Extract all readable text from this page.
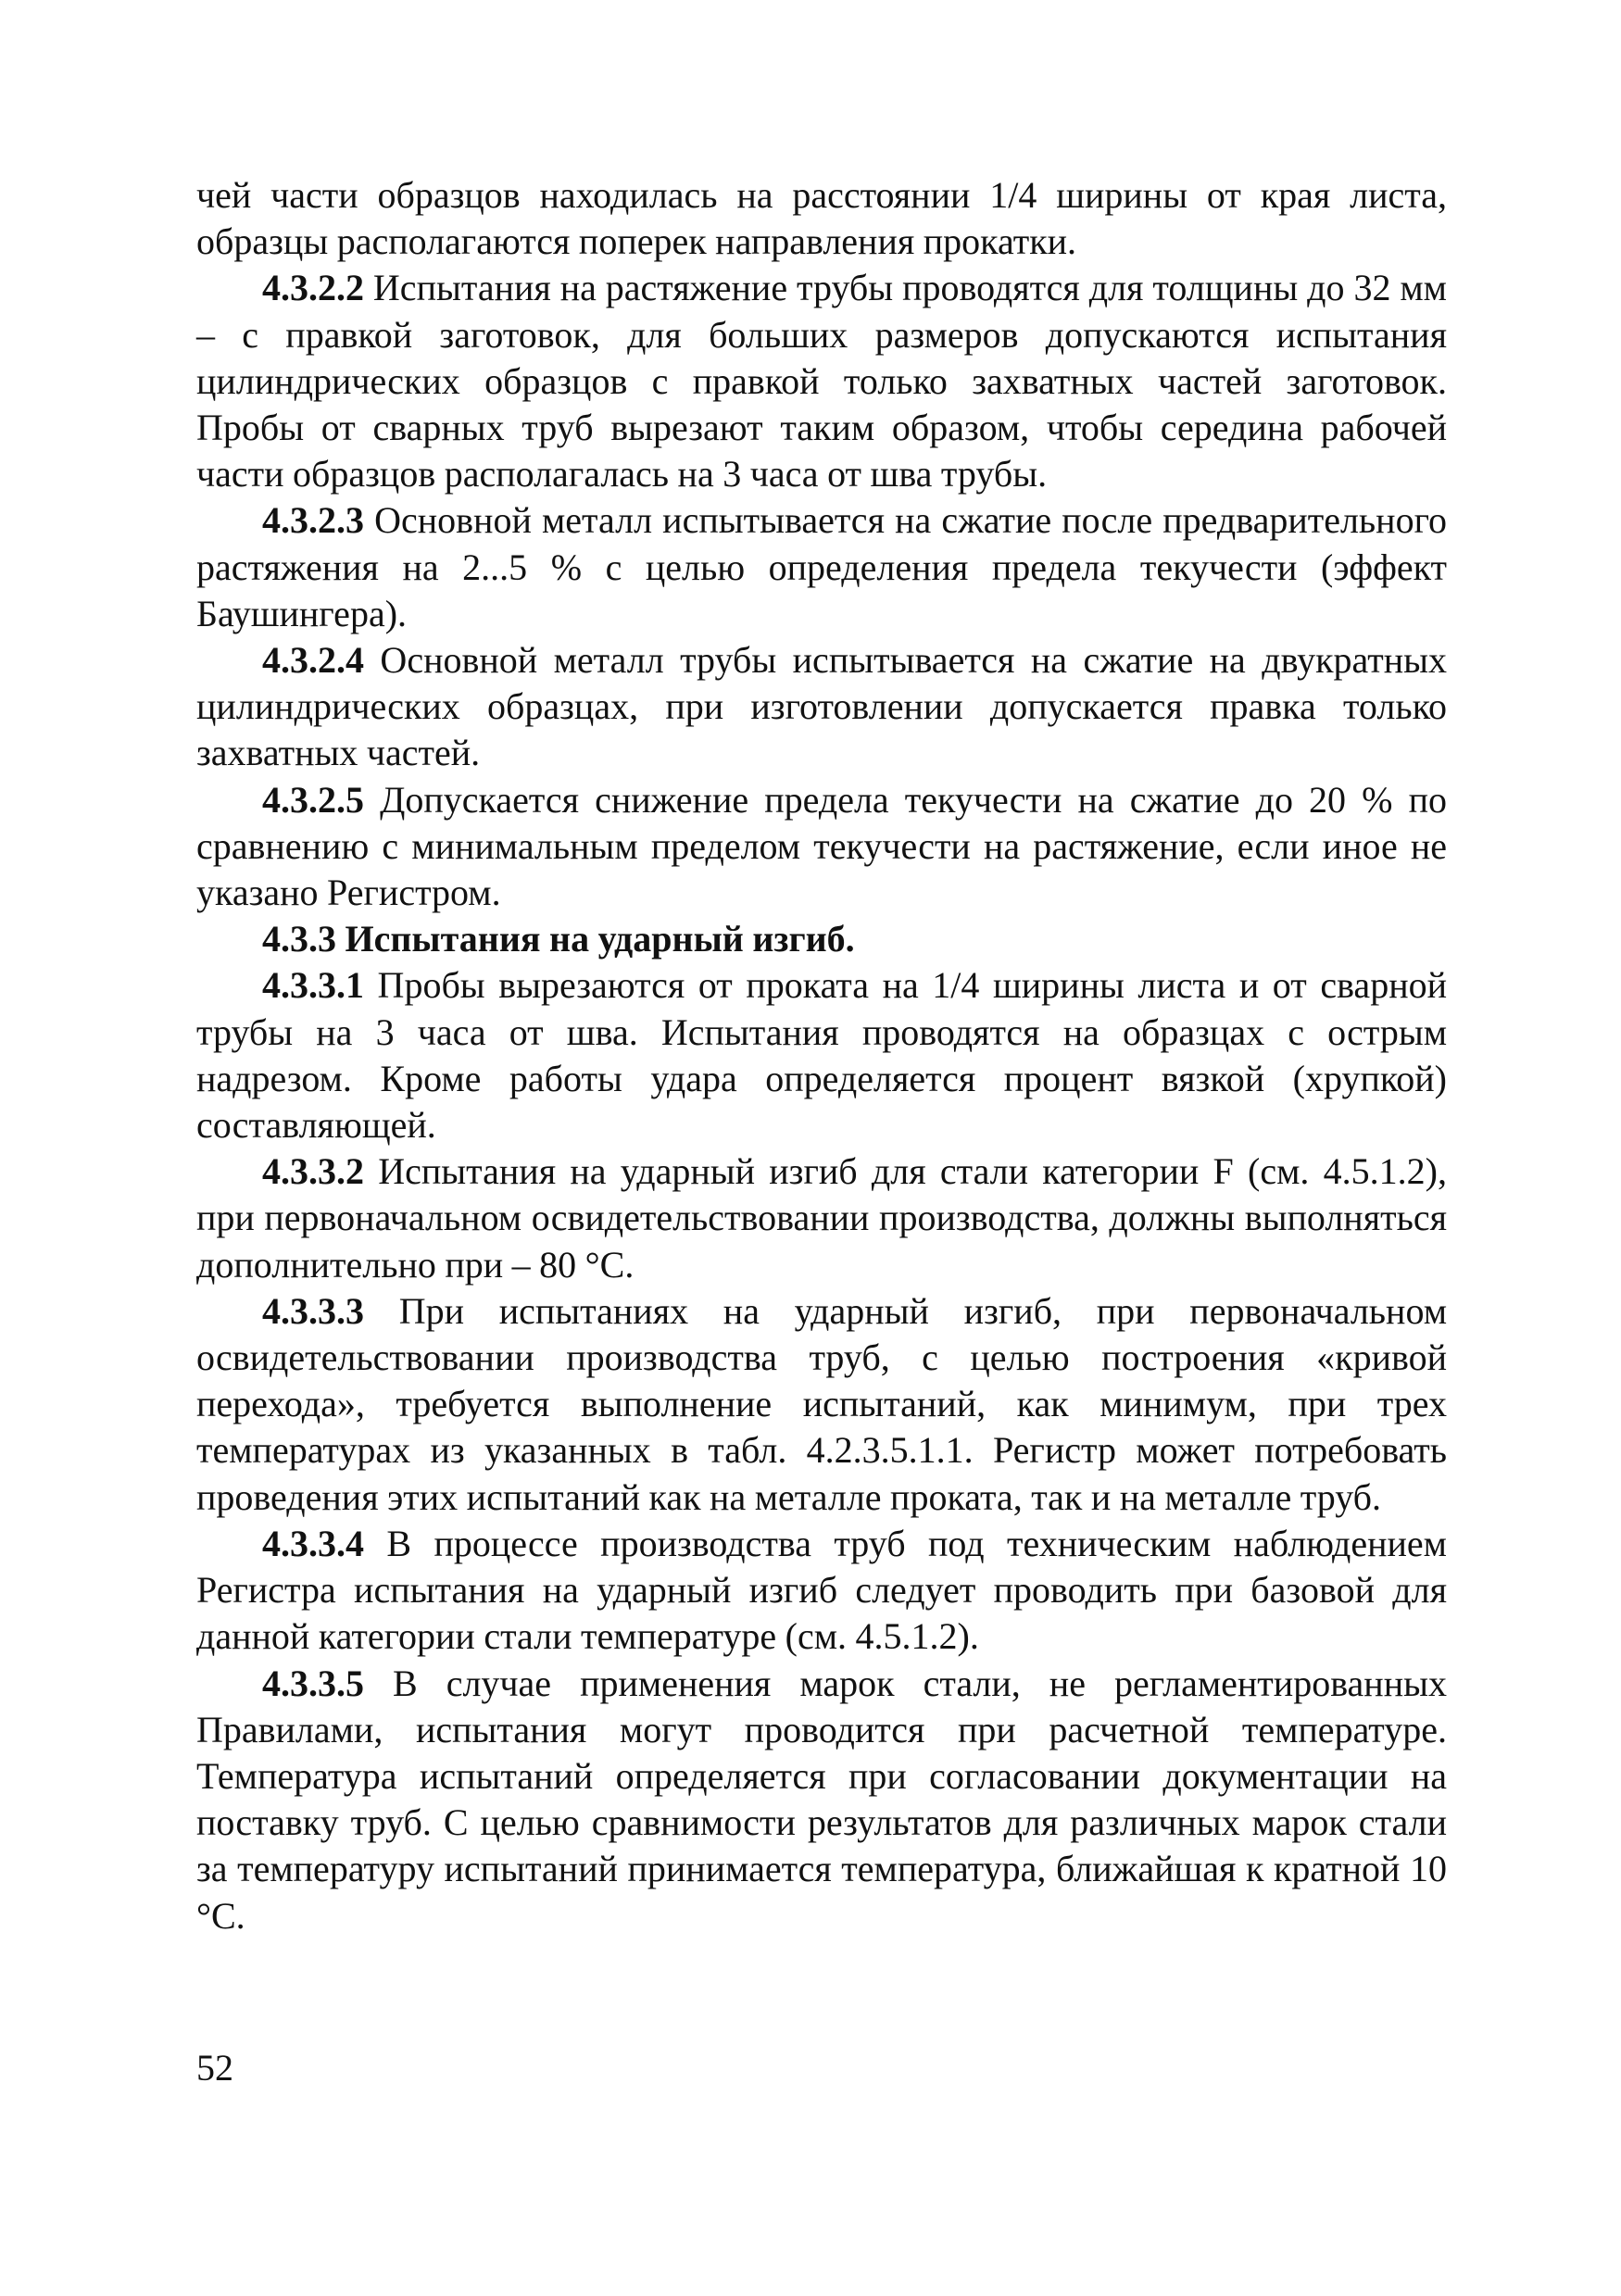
чей части образцов находилась на расстоянии 1/4 ширины от края листа, образцы располагаются поперек направления прокатки.

4.3.2.2 Испытания на растяжение трубы проводятся для толщины до 32 мм – с правкой заготовок, для больших размеров допускаются испытания цилиндрических образцов с правкой только захватных частей заготовок. Пробы от сварных труб вырезают таким образом, чтобы середина рабочей части образцов располагалась на 3 часа от шва трубы.

4.3.2.3 Основной металл испытывается на сжатие после предварительного растяжения на 2...5 % с целью определения предела текучести (эффект Баушингера).

4.3.2.4 Основной металл трубы испытывается на сжатие на двукратных цилиндрических образцах, при изготовлении допускается правка только захватных частей.

4.3.2.5 Допускается снижение предела текучести на сжатие до 20 % по сравнению с минимальным пределом текучести на растяжение, если иное не указано Регистром.

4.3.3 Испытания на ударный изгиб.

4.3.3.1 Пробы вырезаются от проката на 1/4 ширины листа и от сварной трубы на 3 часа от шва. Испытания проводятся на образцах с острым надрезом. Кроме работы удара определяется процент вязкой (хрупкой) составляющей.

4.3.3.2 Испытания на ударный изгиб для стали категории F (см. 4.5.1.2), при первоначальном освидетельствовании производства, должны выполняться дополнительно при – 80 °С.

4.3.3.3 При испытаниях на ударный изгиб, при первоначальном освидетельствовании производства труб, с целью построения «кривой перехода», требуется выполнение испытаний, как минимум, при трех температурах из указанных в табл. 4.2.3.5.1.1. Регистр может потребовать проведения этих испытаний как на металле проката, так и на металле труб.

4.3.3.4 В процессе производства труб под техническим наблюдением Регистра испытания на ударный изгиб следует проводить при базовой для данной категории стали температуре (см. 4.5.1.2).

4.3.3.5 В случае применения марок стали, не регламентированных Правилами, испытания могут проводится при расчетной температуре. Температура испытаний определяется при согласовании документации на поставку труб. С целью сравнимости результатов для различных марок стали за температуру испытаний принимается температура, ближайшая к кратной 10 °С.

52
